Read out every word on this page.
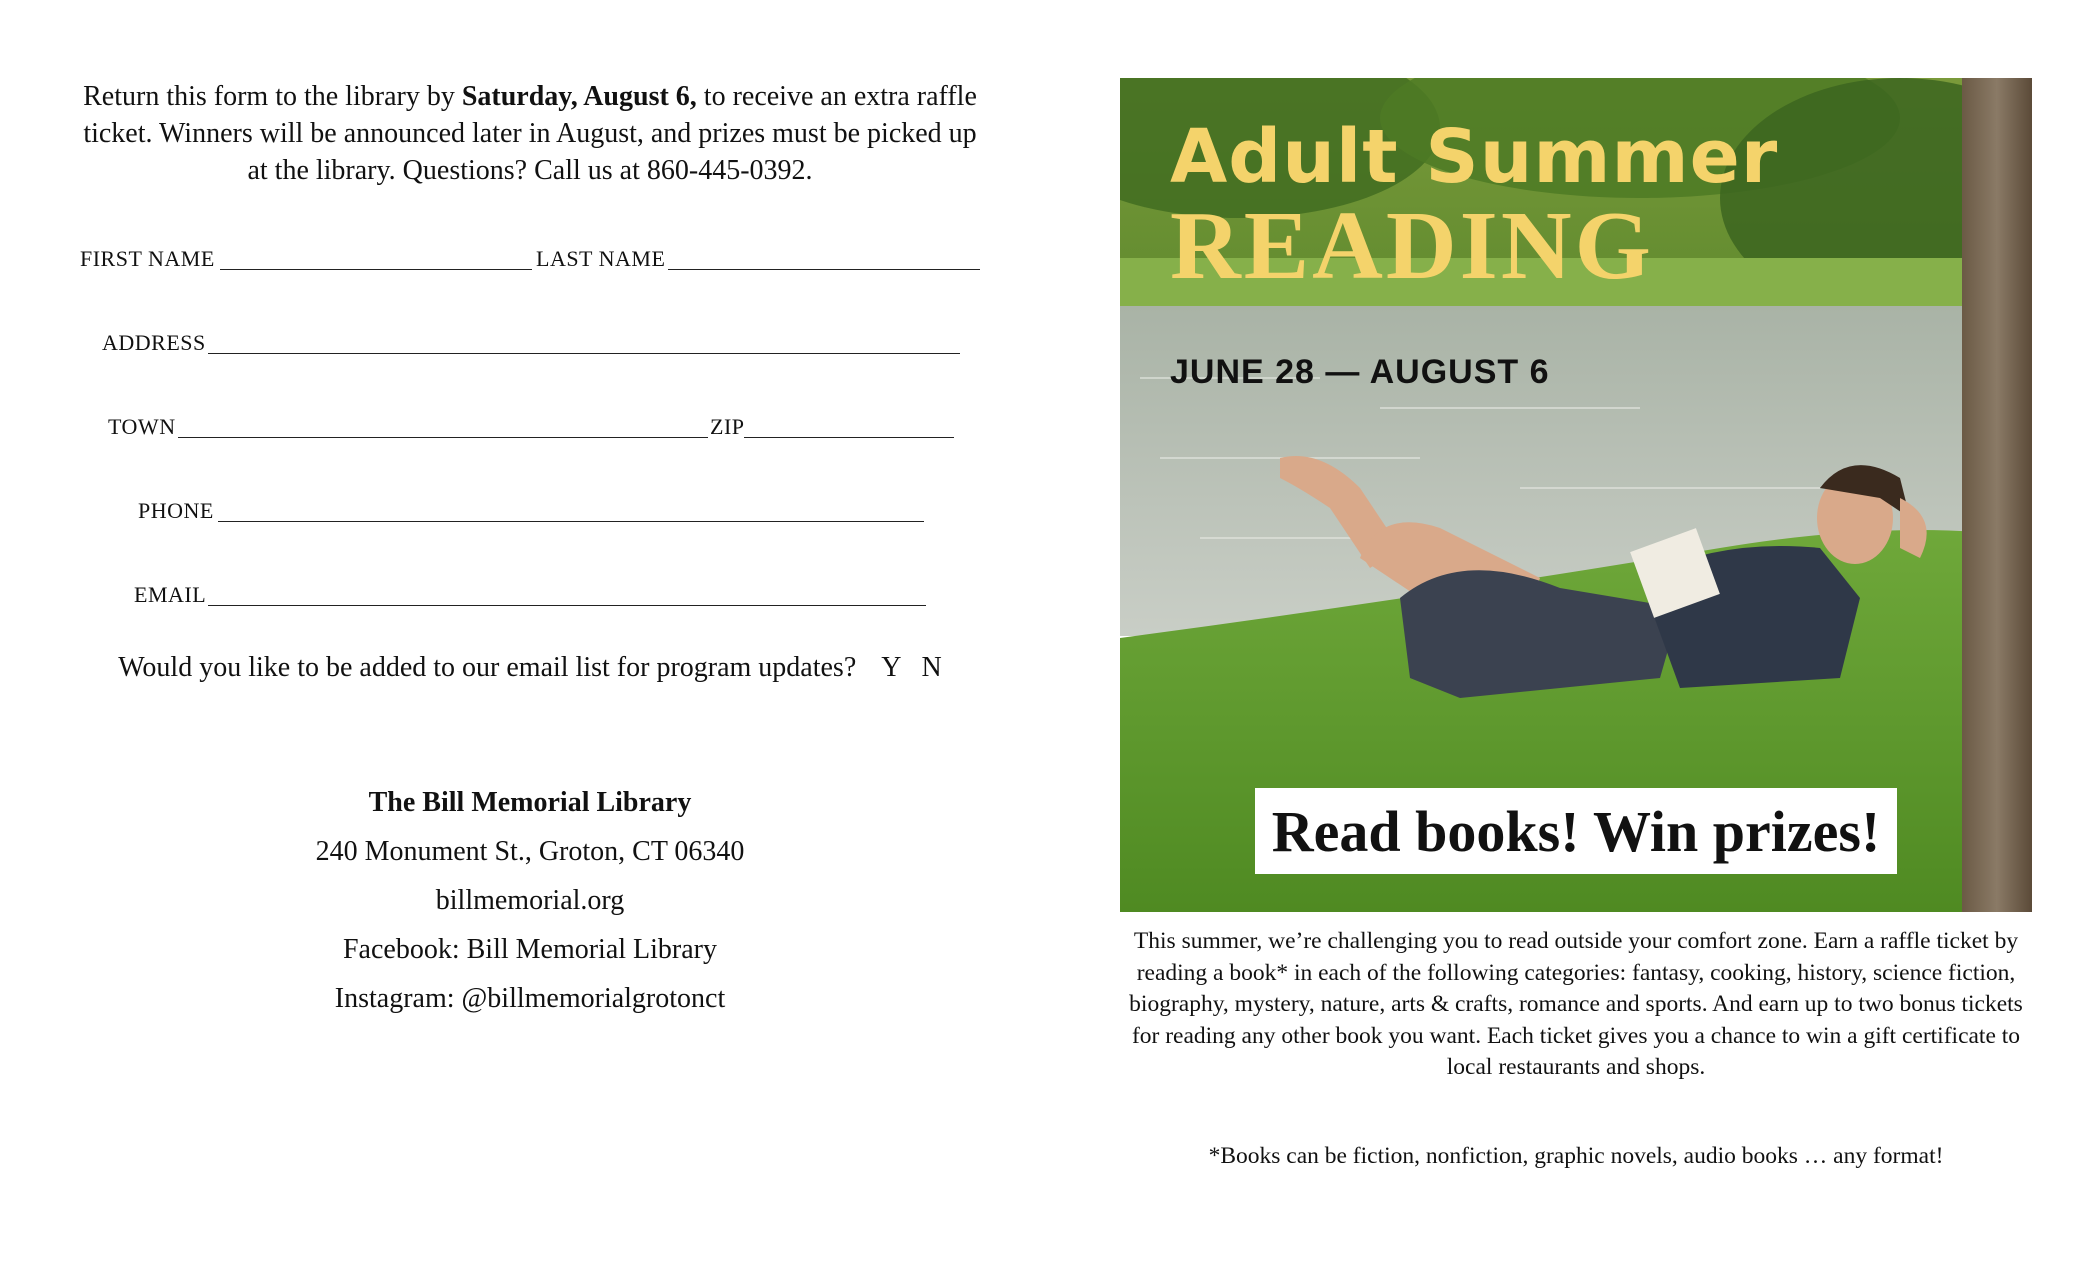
Return this form to the library by Saturday, August 6, to receive an extra raffle ticket. Winners will be announced later in August, and prizes must be picked up at the library. Questions? Call us at 860-445-0392.
FIRST NAME	LAST NAME
ADDRESS
TOWN	ZIP
PHONE
EMAIL
Would you like to be added to our email list for program updates? Y N
The Bill Memorial Library
240 Monument St., Groton, CT 06340
billmemorial.org
Facebook: Bill Memorial Library
Instagram: @billmemorialgrotonct
Adult Summer
READING
JUNE 28 — AUGUST 6
Read books! Win prizes!
This summer, we’re challenging you to read outside your comfort zone. Earn a raffle ticket by reading a book* in each of the following categories: fantasy, cooking, history, science fiction, biography, mystery, nature, arts & crafts, romance and sports. And earn up to two bonus tickets for reading any other book you want. Each ticket gives you a chance to win a gift certificate to local restaurants and shops.
*Books can be fiction, nonfiction, graphic novels, audio books … any format!
